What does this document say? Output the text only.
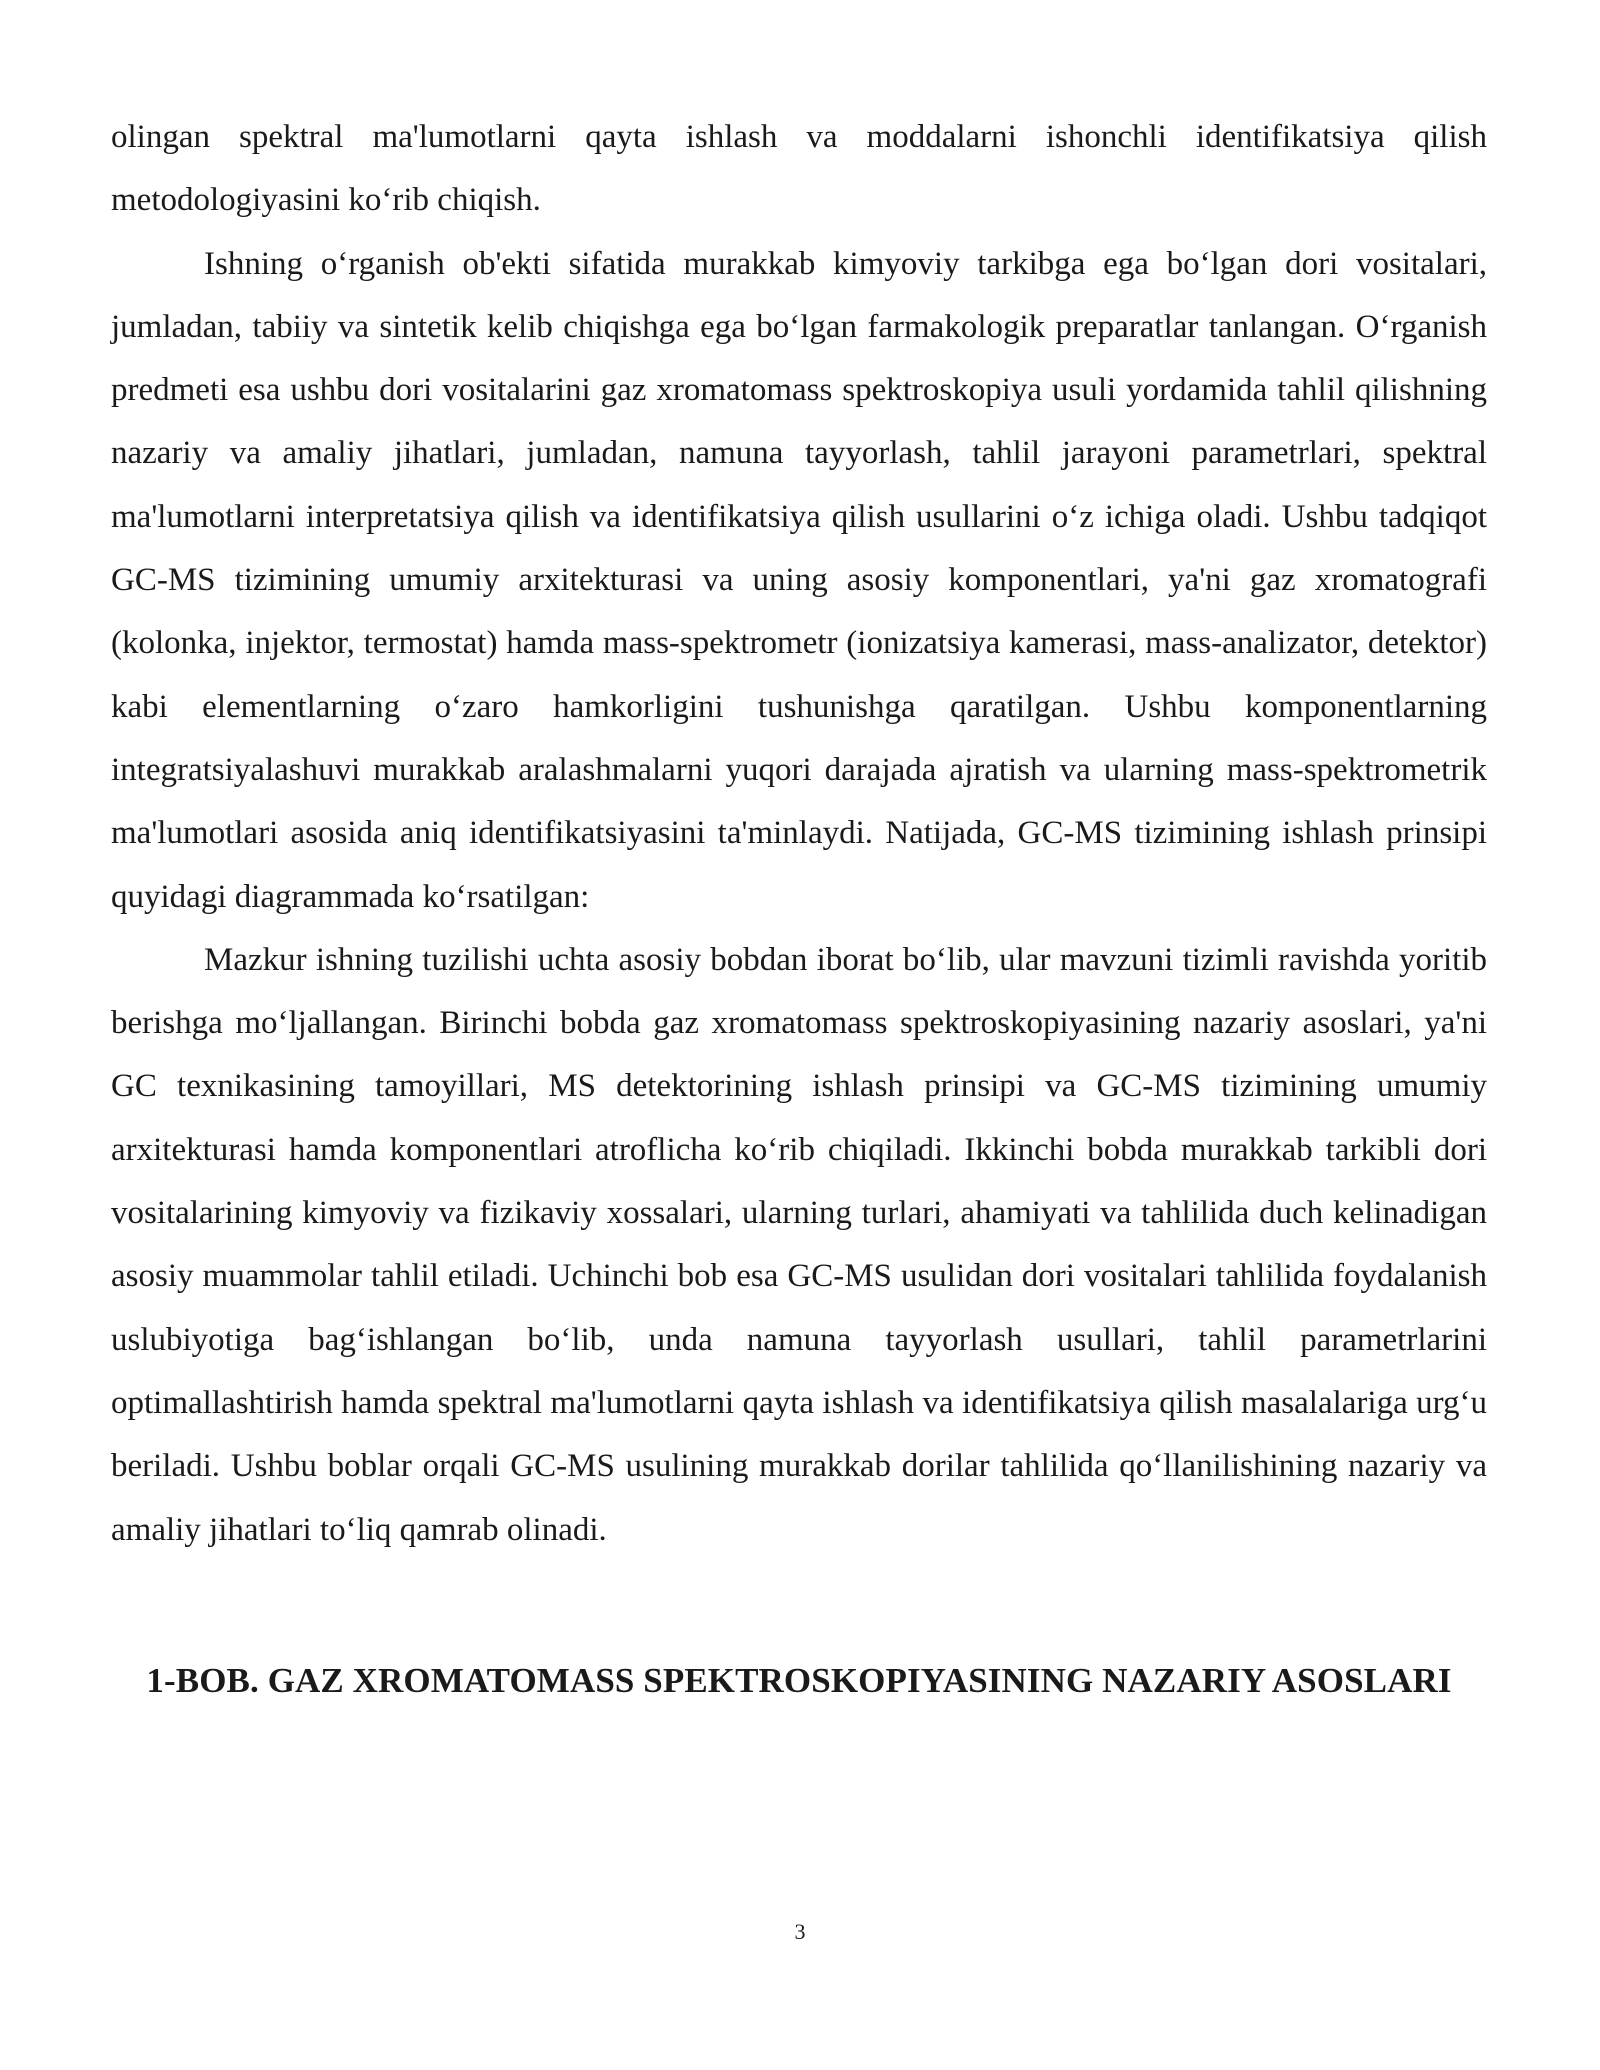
olingan spektral ma'lumotlarni qayta ishlash va moddalarni ishonchli identifikatsiya qilish metodologiyasini ko‘rib chiqish.

Ishning o‘rganish ob'ekti sifatida murakkab kimyoviy tarkibga ega bo‘lgan dori vositalari, jumladan, tabiiy va sintetik kelib chiqishga ega bo‘lgan farmakologik preparatlar tanlangan. O‘rganish predmeti esa ushbu dori vositalarini gaz xromatomass spektroskopiya usuli yordamida tahlil qilishning nazariy va amaliy jihatlari, jumladan, namuna tayyorlash, tahlil jarayoni parametrlari, spektral ma'lumotlarni interpretatsiya qilish va identifikatsiya qilish usullarini o‘z ichiga oladi. Ushbu tadqiqot GC-MS tizimining umumiy arxitekturasi va uning asosiy komponentlari, ya'ni gaz xromatografi (kolonka, injektor, termostat) hamda mass-spektrometr (ionizatsiya kamerasi, mass-analizator, detektor) kabi elementlarning o‘zaro hamkorligini tushunishga qaratilgan. Ushbu komponentlarning integratsiyalashuvi murakkab aralashmalarni yuqori darajada ajratish va ularning mass-spektrometrik ma'lumotlari asosida aniq identifikatsiyasini ta'minlaydi. Natijada, GC-MS tizimining ishlash prinsipi quyidagi diagrammada ko‘rsatilgan:

Mazkur ishning tuzilishi uchta asosiy bobdan iborat bo‘lib, ular mavzuni tizimli ravishda yoritib berishga mo‘ljallangan. Birinchi bobda gaz xromatomass spektroskopiyasining nazariy asoslari, ya'ni GC texnikasining tamoyillari, MS detektorining ishlash prinsipi va GC-MS tizimining umumiy arxitekturasi hamda komponentlari atroflicha ko‘rib chiqiladi. Ikkinchi bobda murakkab tarkibli dori vositalarining kimyoviy va fizikaviy xossalari, ularning turlari, ahamiyati va tahlilida duch kelinadigan asosiy muammolar tahlil etiladi. Uchinchi bob esa GC-MS usulidan dori vositalari tahlilida foydalanish uslubiyotiga bag‘ishlangan bo‘lib, unda namuna tayyorlash usullari, tahlil parametrlarini optimallashtirish hamda spektral ma'lumotlarni qayta ishlash va identifikatsiya qilish masalalariga urg‘u beriladi. Ushbu boblar orqali GC-MS usulining murakkab dorilar tahlilida qo‘llanilishining nazariy va amaliy jihatlari to‘liq qamrab olinadi.

1-BOB. GAZ XROMATOMASS SPEKTROSKOPIYASINING NAZARIY ASOSLARI
3
